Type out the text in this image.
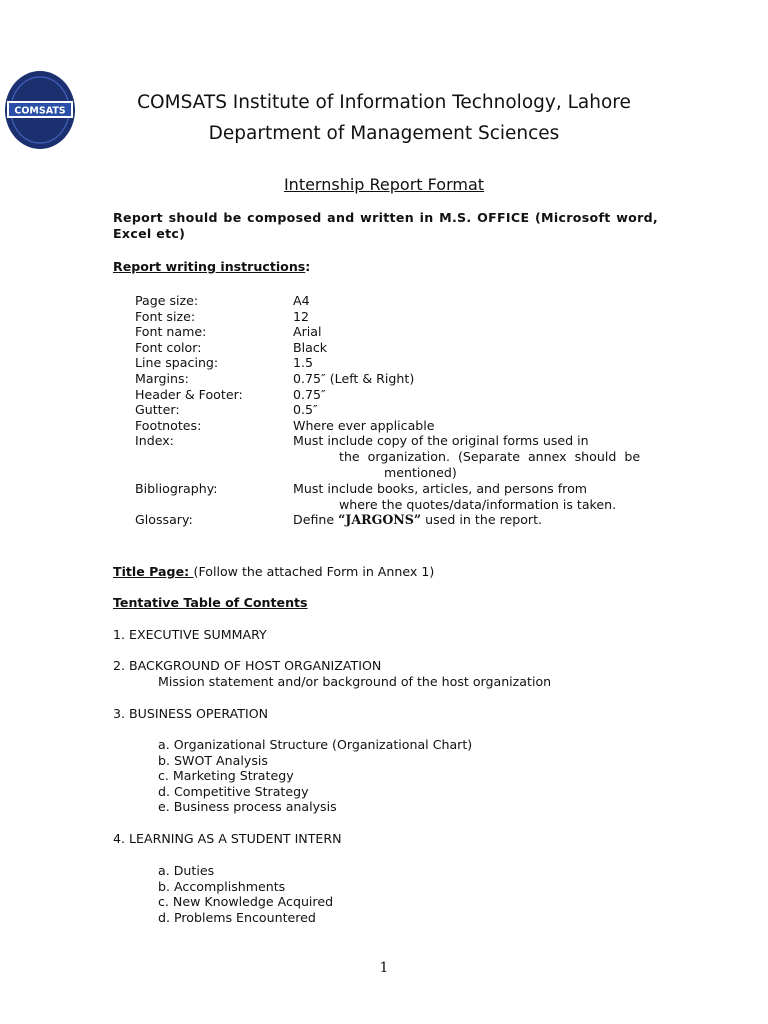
COMSATS	COMSATS Institute of Information Technology, Lahore
Department of Management Sciences
Internship Report Format
Report should be composed and written in M.S. OFFICE (Microsoft word, Excel etc)
Report writing instructions:
Page size:	A4
Font size:	12
Font name:	Arial
Font color:	Black
Line spacing:	1.5
Margins:	0.75″ (Left & Right)
Header & Footer:	0.75″
Gutter:	0.5″
Footnotes:	Where ever applicable
Index:	Must include copy of the original forms used in
the  organization.  (Separate  annex  should  be
mentioned)
Bibliography:	Must include books, articles, and persons from
where the quotes/data/information is taken.
Glossary:	Define “JARGONS” used in the report.
Title Page: (Follow the attached Form in Annex 1)
Tentative Table of Contents
1. EXECUTIVE SUMMARY
2. BACKGROUND OF HOST ORGANIZATION
Mission statement and/or background of the host organization
3. BUSINESS OPERATION
a. Organizational Structure (Organizational Chart)
b. SWOT Analysis
c. Marketing Strategy
d. Competitive Strategy
e. Business process analysis
4. LEARNING AS A STUDENT INTERN
a. Duties
b. Accomplishments
c. New Knowledge Acquired
d. Problems Encountered
1
